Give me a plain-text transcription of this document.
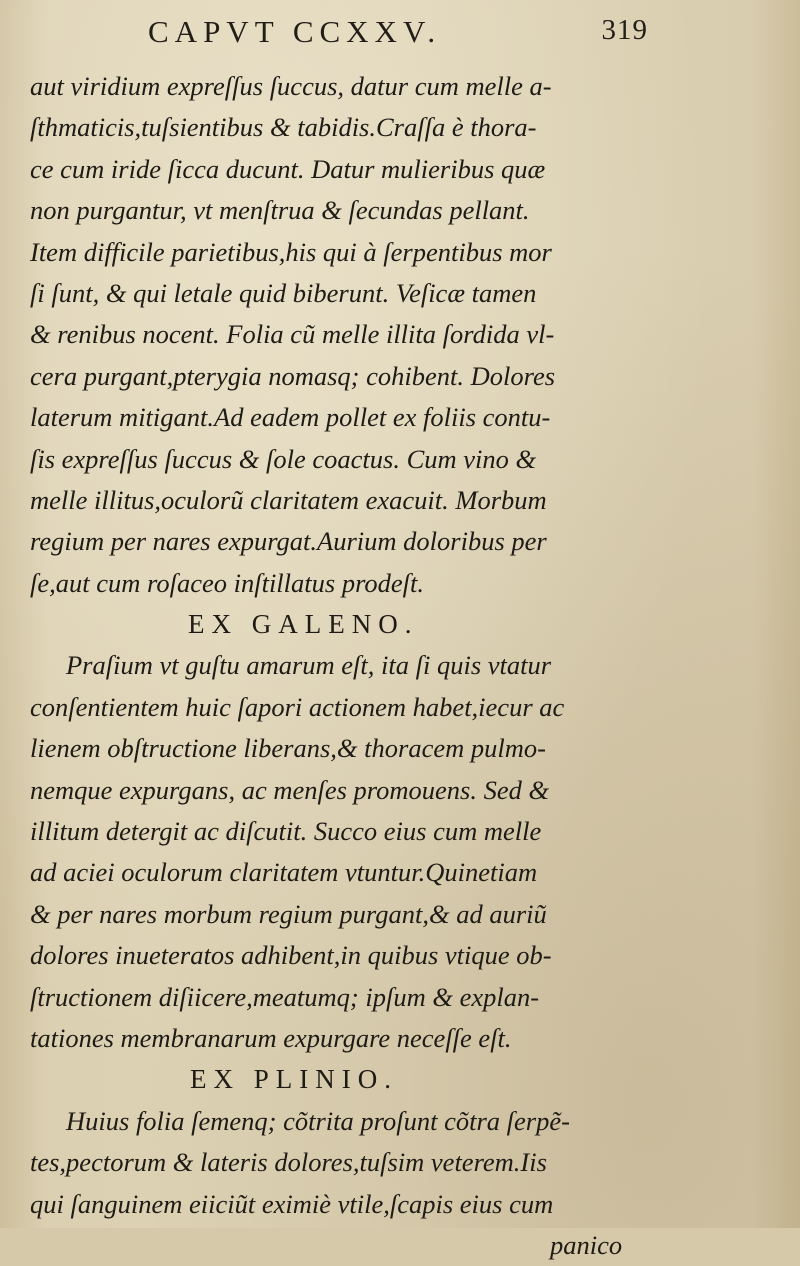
CAPVT CCXXV.	319
aut viridium expreſſus ſuccus, datur cum melle a-
ſthmaticis,tuſsientibus & tabidis.Craſſa è thora-
ce cum iride ſicca ducunt. Datur mulieribus quæ
non purgantur, vt menſtrua & ſecundas pellant.
Item difficile parietibus,his qui à ſerpentibus mor
ſi ſunt, & qui letale quid biberunt. Veſicæ tamen
& renibus nocent. Folia cũ melle illita ſordida vl-
cera purgant,pterygia nomasq; cohibent. Dolores
laterum mitigant.Ad eadem pollet ex foliis contu-
ſis expreſſus ſuccus & ſole coactus. Cum vino &
melle illitus,oculorũ claritatem exacuit. Morbum
regium per nares expurgat.Aurium doloribus per
ſe,aut cum roſaceo inſtillatus prodeſt.
EX GALENO.
Praſium vt guſtu amarum eſt, ita ſi quis vtatur
conſentientem huic ſapori actionem habet,iecur ac
lienem obſtructione liberans,& thoracem pulmo-
nemque expurgans, ac menſes promouens. Sed &
illitum detergit ac diſcutit. Succo eius cum melle
ad aciei oculorum claritatem vtuntur.Quinetiam
& per nares morbum regium purgant,& ad auriũ
dolores inueteratos adhibent,in quibus vtique ob-
ſtructionem diſiicere,meatumq; ipſum & explan-
tationes membranarum expurgare neceſſe eſt.
EX PLINIO.
Huius folia ſemenq; cõtrita proſunt cõtra ſerpẽ-
tes,pectorum & lateris dolores,tuſsim veterem.Iis
qui ſanguinem eiiciũt eximiè vtile,ſcapis eius cum
panico
